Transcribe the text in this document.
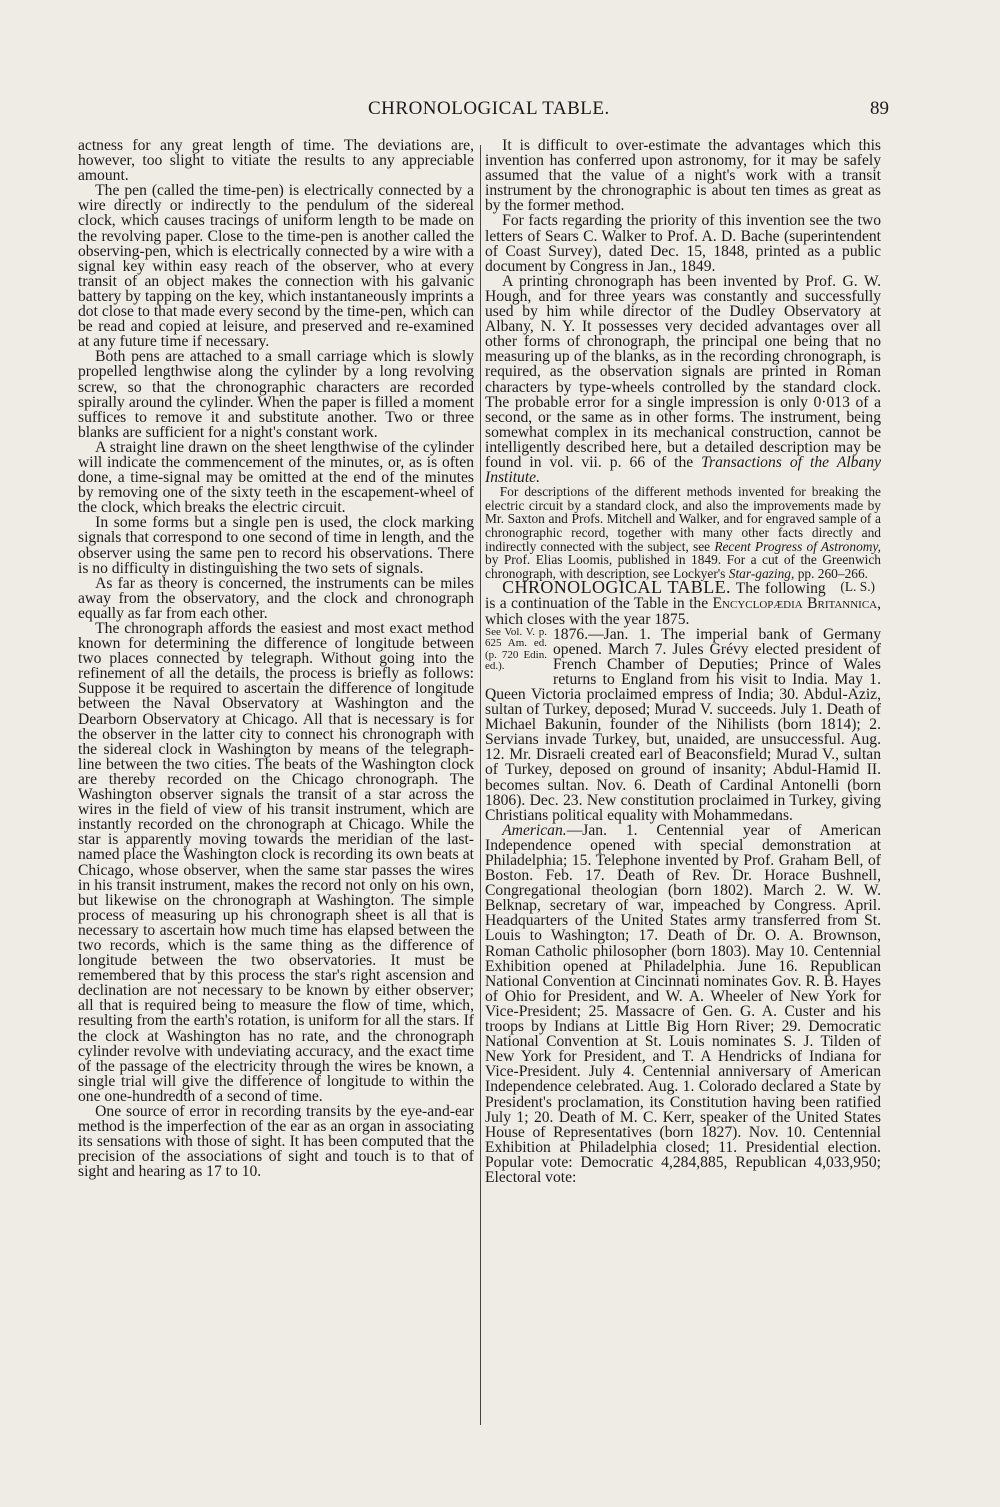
CHRONOLOGICAL TABLE.	89

actness for any great length of time. The deviations are, however, too slight to vitiate the results to any appreciable amount.

The pen (called the time-pen) is electrically connected by a wire directly or indirectly to the pendulum of the sidereal clock, which causes tracings of uniform length to be made on the revolving paper. Close to the time-pen is another called the observing-pen, which is electrically connected by a wire with a signal key within easy reach of the observer, who at every transit of an object makes the connection with his galvanic battery by tapping on the key, which instantaneously imprints a dot close to that made every second by the time-pen, which can be read and copied at leisure, and preserved and re-examined at any future time if necessary.

Both pens are attached to a small carriage which is slowly propelled lengthwise along the cylinder by a long revolving screw, so that the chronographic characters are recorded spirally around the cylinder. When the paper is filled a moment suffices to remove it and substitute another. Two or three blanks are sufficient for a night's constant work.

A straight line drawn on the sheet lengthwise of the cylinder will indicate the commencement of the minutes, or, as is often done, a time-signal may be omitted at the end of the minutes by removing one of the sixty teeth in the escapement-wheel of the clock, which breaks the electric circuit.

In some forms but a single pen is used, the clock marking signals that correspond to one second of time in length, and the observer using the same pen to record his observations. There is no difficulty in distinguishing the two sets of signals.

As far as theory is concerned, the instruments can be miles away from the observatory, and the clock and chronograph equally as far from each other.

The chronograph affords the easiest and most exact method known for determining the difference of longitude between two places connected by telegraph. Without going into the refinement of all the details, the process is briefly as follows: Suppose it be required to ascertain the difference of longitude between the Naval Observatory at Washington and the Dearborn Observatory at Chicago. All that is necessary is for the observer in the latter city to connect his chronograph with the sidereal clock in Washington by means of the telegraph-line between the two cities. The beats of the Washington clock are thereby recorded on the Chicago chronograph. The Washington observer signals the transit of a star across the wires in the field of view of his transit instrument, which are instantly recorded on the chronograph at Chicago. While the star is apparently moving towards the meridian of the last-named place the Washington clock is recording its own beats at Chicago, whose observer, when the same star passes the wires in his transit instrument, makes the record not only on his own, but likewise on the chronograph at Washington. The simple process of measuring up his chronograph sheet is all that is necessary to ascertain how much time has elapsed between the two records, which is the same thing as the difference of longitude between the two observatories. It must be remembered that by this process the star's right ascension and declination are not necessary to be known by either observer; all that is required being to measure the flow of time, which, resulting from the earth's rotation, is uniform for all the stars. If the clock at Washington has no rate, and the chronograph cylinder revolve with undeviating accuracy, and the exact time of the passage of the electricity through the wires be known, a single trial will give the difference of longitude to within the one one-hundredth of a second of time.

One source of error in recording transits by the eye-and-ear method is the imperfection of the ear as an organ in associating its sensations with those of sight. It has been computed that the precision of the associations of sight and touch is to that of sight and hearing as 17 to 10.

It is difficult to over-estimate the advantages which this invention has conferred upon astronomy, for it may be safely assumed that the value of a night's work with a transit instrument by the chronographic is about ten times as great as by the former method.

For facts regarding the priority of this invention see the two letters of Sears C. Walker to Prof. A. D. Bache (superintendent of Coast Survey), dated Dec. 15, 1848, printed as a public document by Congress in Jan., 1849.

A printing chronograph has been invented by Prof. G. W. Hough, and for three years was constantly and successfully used by him while director of the Dudley Observatory at Albany, N. Y. It possesses very decided advantages over all other forms of chronograph, the principal one being that no measuring up of the blanks, as in the recording chronograph, is required, as the observation signals are printed in Roman characters by type-wheels controlled by the standard clock. The probable error for a single impression is only 0·013 of a second, or the same as in other forms. The instrument, being somewhat complex in its mechanical construction, cannot be intelligently described here, but a detailed description may be found in vol. vii. p. 66 of the Transactions of the Albany Institute.

For descriptions of the different methods invented for breaking the electric circuit by a standard clock, and also the improvements made by Mr. Saxton and Profs. Mitchell and Walker, and for engraved sample of a chronographic record, together with many other facts directly and indirectly connected with the subject, see Recent Progress of Astronomy, by Prof. Elias Loomis, published in 1849. For a cut of the Greenwich chronograph, with description, see Lockyer's Star-gazing, pp. 260–266.
(L. S.)

CHRONOLOGICAL TABLE. The following is a continuation of the Table in the Encyclopædia Britannica, which closes with the year 1875.

See Vol. V. p. 625 Am. ed. (p. 720 Edin. ed.).
1876.—Jan. 1. The imperial bank of Germany opened. March 7. Jules Grévy elected president of French Chamber of Deputies; Prince of Wales returns to England from his visit to India. May 1. Queen Victoria proclaimed empress of India; 30. Abdul-Aziz, sultan of Turkey, deposed; Murad V. succeeds. July 1. Death of Michael Bakunin, founder of the Nihilists (born 1814); 2. Servians invade Turkey, but, unaided, are unsuccessful. Aug. 12. Mr. Disraeli created earl of Beaconsfield; Murad V., sultan of Turkey, deposed on ground of insanity; Abdul-Hamid II. becomes sultan. Nov. 6. Death of Cardinal Antonelli (born 1806). Dec. 23. New constitution proclaimed in Turkey, giving Christians political equality with Mohammedans.

American.—Jan. 1. Centennial year of American Independence opened with special demonstration at Philadelphia; 15. Telephone invented by Prof. Graham Bell, of Boston. Feb. 17. Death of Rev. Dr. Horace Bushnell, Congregational theologian (born 1802). March 2. W. W. Belknap, secretary of war, impeached by Congress. April. Headquarters of the United States army transferred from St. Louis to Washington; 17. Death of Dr. O. A. Brownson, Roman Catholic philosopher (born 1803). May 10. Centennial Exhibition opened at Philadelphia. June 16. Republican National Convention at Cincinnati nominates Gov. R. B. Hayes of Ohio for President, and W. A. Wheeler of New York for Vice-President; 25. Massacre of Gen. G. A. Custer and his troops by Indians at Little Big Horn River; 29. Democratic National Convention at St. Louis nominates S. J. Tilden of New York for President, and T. A Hendricks of Indiana for Vice-President. July 4. Centennial anniversary of American Independence celebrated. Aug. 1. Colorado declared a State by President's proclamation, its Constitution having been ratified July 1; 20. Death of M. C. Kerr, speaker of the United States House of Representatives (born 1827). Nov. 10. Centennial Exhibition at Philadelphia closed; 11. Presidential election. Popular vote: Democratic 4,284,885, Republican 4,033,950; Electoral vote:
